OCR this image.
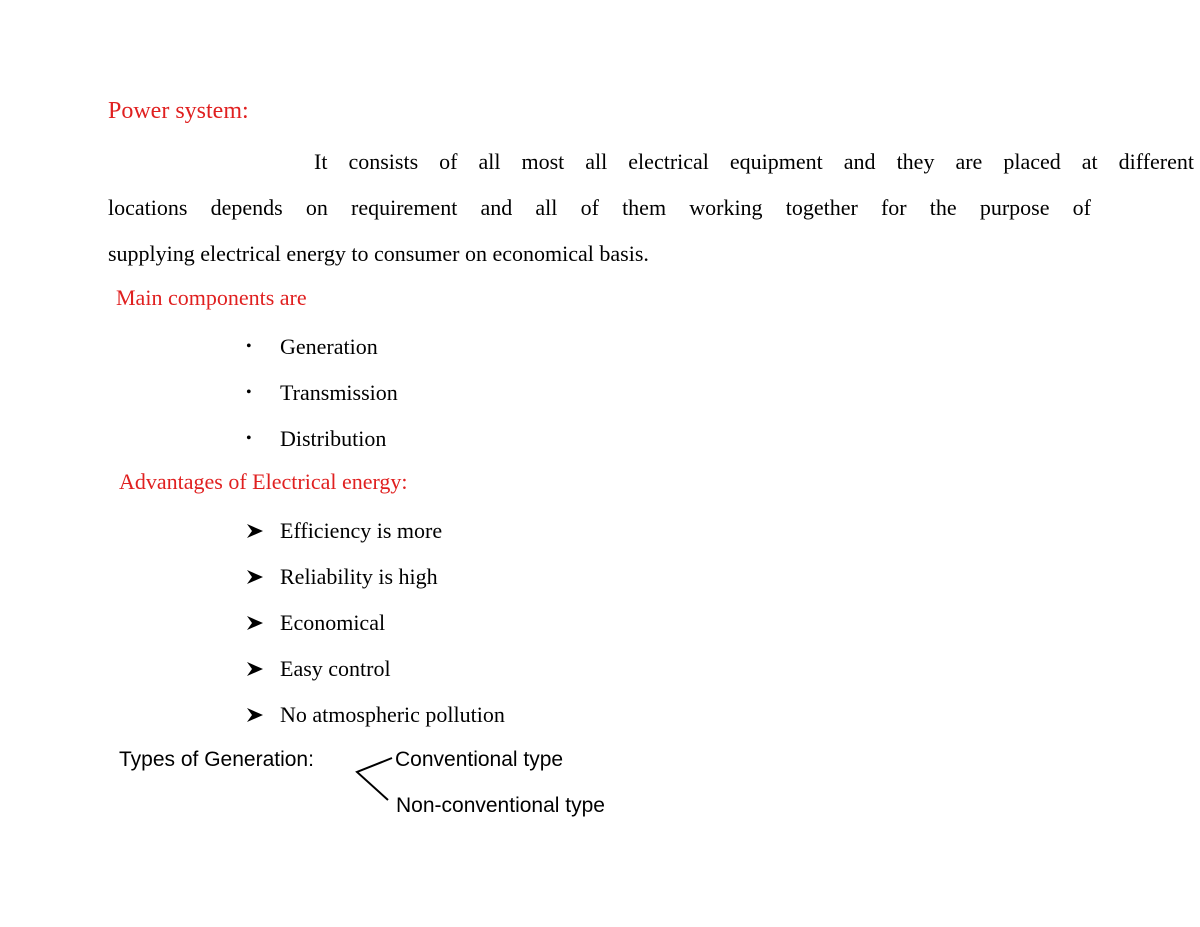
Power system:
It consists of all most all electrical equipment and they are placed at different
locations depends on requirement and all of them working together for the purpose of
supplying electrical energy to consumer on economical basis.
Main components are
• Generation
• Transmission
• Distribution
Advantages of Electrical energy:
Efficiency is more
Reliability is high
Economical
Easy control
No atmospheric pollution
Types of Generation:	Conventional type
Non-conventional type
